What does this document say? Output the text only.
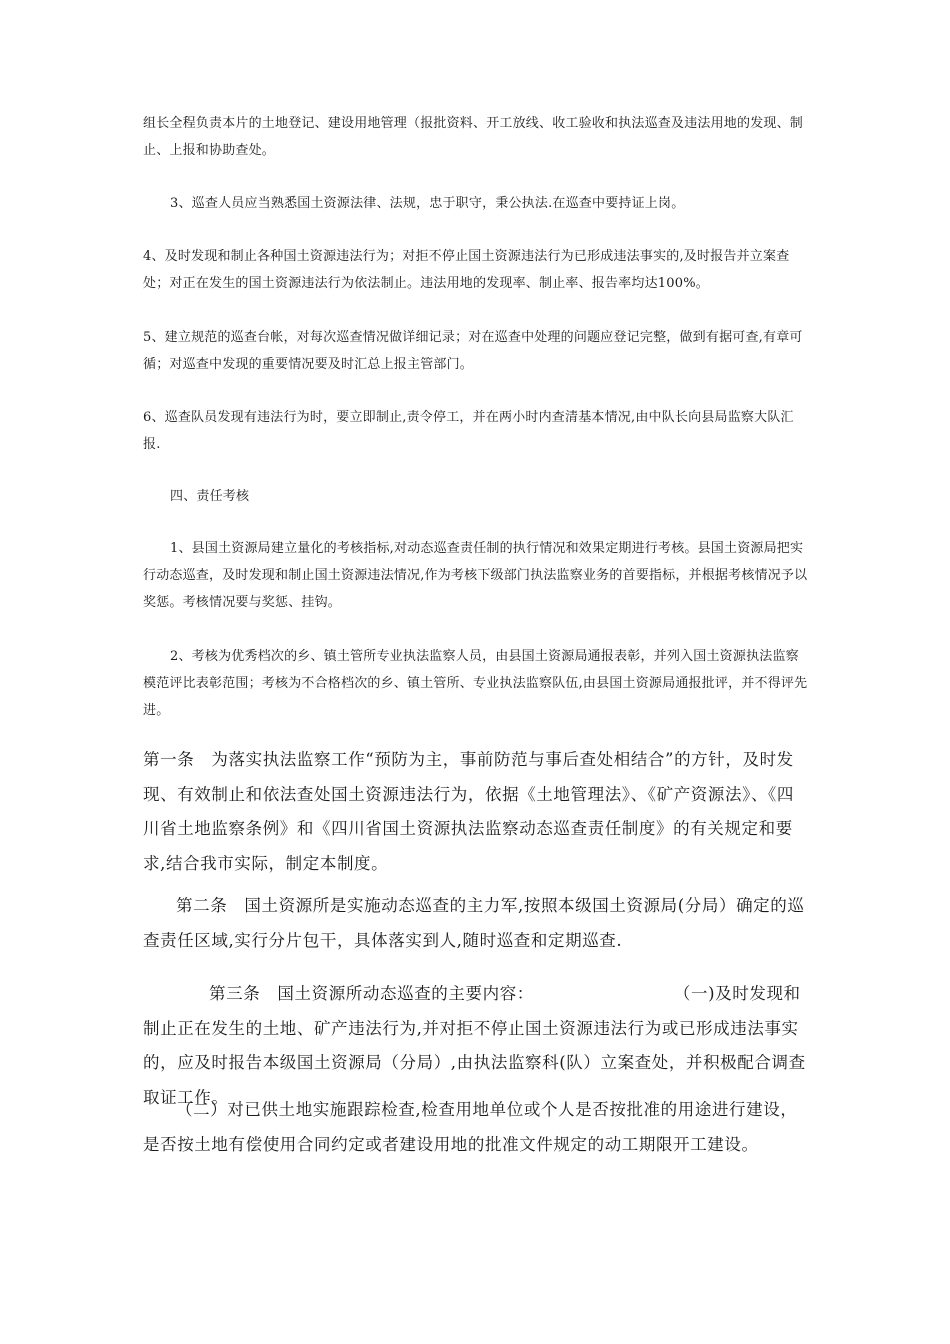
组长全程负责本片的土地登记、建设用地管理（报批资料、开工放线、收工验收和执法巡查及违法用地的发现、制止、上报和协助查处。

3、巡查人员应当熟悉国土资源法律、法规，忠于职守，秉公执法.在巡查中要持证上岗。

4、及时发现和制止各种国土资源违法行为；对拒不停止国土资源违法行为已形成违法事实的,及时报告并立案查处；对正在发生的国土资源违法行为依法制止。违法用地的发现率、制止率、报告率均达100%。

5、建立规范的巡查台帐，对每次巡查情况做详细记录；对在巡查中处理的问题应登记完整，做到有据可查,有章可循；对巡查中发现的重要情况要及时汇总上报主管部门。

6、巡查队员发现有违法行为时，要立即制止,责令停工，并在两小时内查清基本情况,由中队长向县局监察大队汇报.

四、责任考核

1、县国土资源局建立量化的考核指标,对动态巡查责任制的执行情况和效果定期进行考核。县国土资源局把实行动态巡查，及时发现和制止国土资源违法情况,作为考核下级部门执法监察业务的首要指标，并根据考核情况予以奖惩。考核情况要与奖惩、挂钩。

2、考核为优秀档次的乡、镇土管所专业执法监察人员，由县国土资源局通报表彰，并列入国土资源执法监察模范评比表彰范围；考核为不合格档次的乡、镇土管所、专业执法监察队伍,由县国土资源局通报批评，并不得评先进。

第一条　为落实执法监察工作“预防为主，事前防范与事后查处相结合”的方针，及时发现、有效制止和依法查处国土资源违法行为，依据《土地管理法》、《矿产资源法》、《四川省土地监察条例》和《四川省国土资源执法监察动态巡查责任制度》的有关规定和要求,结合我市实际，制定本制度。

第二条　国土资源所是实施动态巡查的主力军,按照本级国土资源局(分局）确定的巡查责任区域,实行分片包干，具体落实到人,随时巡查和定期巡查.

第三条　国土资源所动态巡查的主要内容：	（一)及时发现和制止正在发生的土地、矿产违法行为,并对拒不停止国土资源违法行为或已形成违法事实的，应及时报告本级国土资源局（分局）,由执法监察科(队）立案查处，并积极配合调查取证工作。

（二）对已供土地实施跟踪检查,检查用地单位或个人是否按批准的用途进行建设，是否按土地有偿使用合同约定或者建设用地的批准文件规定的动工期限开工建设。
